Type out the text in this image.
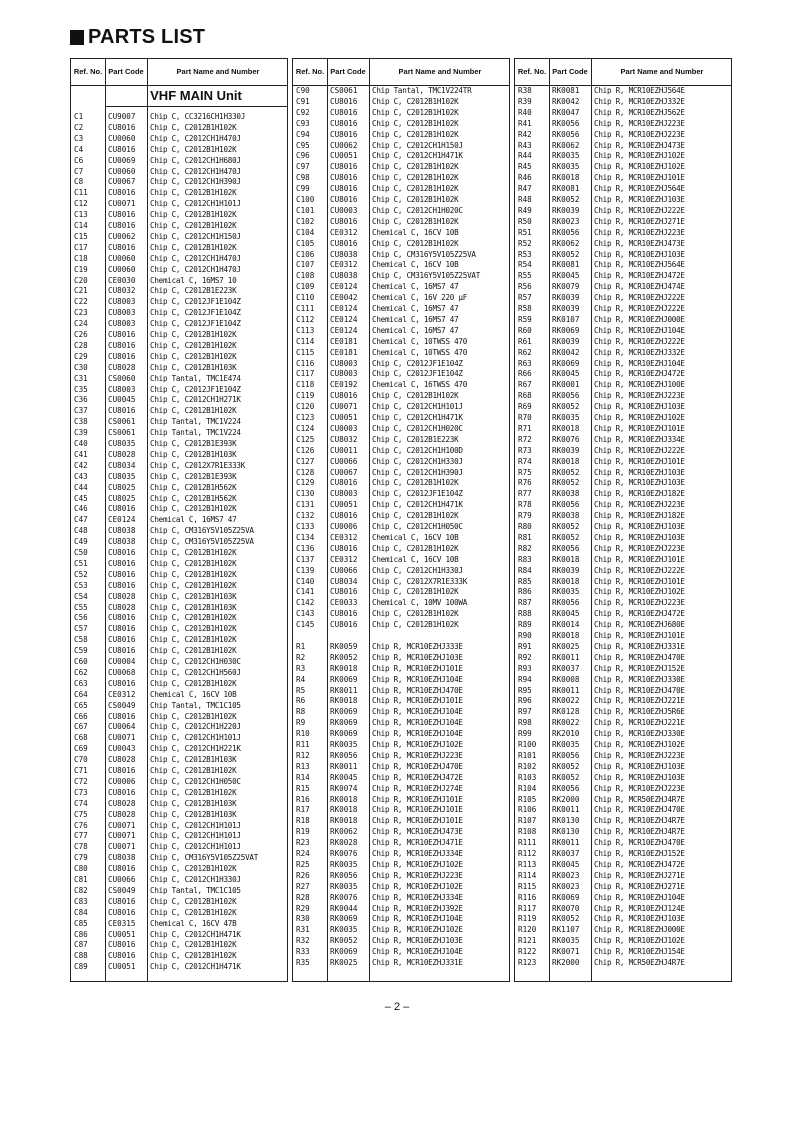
PARTS LIST
Ref. No. Part Code	Part Name and Number
VHF MAIN Unit
C1	CU9007	Chip C, CC3216CH1H330J
C2	CU8016	Chip C, C2012B1H102K
C3	CU0060	Chip C, C2012CH1H470J
C4	CU8016	Chip C, C2012B1H102K
C6	CU0069	Chip C, C2012CH1H680J
C7	CU0060	Chip C, C2012CH1H470J
C8	CU0067	Chip C, C2012CH1H390J
C11	CU8016	Chip C, C2012B1H102K
C12	CU0071	Chip C, C2012CH1H101J
C13	CU8016	Chip C, C2012B1H102K
C14	CU8016	Chip C, C2012B1H102K
C15	CU0062	Chip C, C2012CH1H150J
C17	CU8016	Chip C, C2012B1H102K
C18	CU0060	Chip C, C2012CH1H470J
C19	CU0060	Chip C, C2012CH1H470J
C20	CE0030	Chemical C, 16MS7 10
C21	CU8032	Chip C, C2012B1E223K
C22	CU8003	Chip C, C2012JF1E104Z
C23	CU8003	Chip C, C2012JF1E104Z
C24	CU8003	Chip C, C2012JF1E104Z
C26	CU8016	Chip C, C2012B1H102K
C28	CU8016	Chip C, C2012B1H102K
C29	CU8016	Chip C, C2012B1H102K
C30	CU8028	Chip C, C2012B1H103K
C31	CS0060	Chip Tantal, TMC1E474
C35	CU8003	Chip C, C2012JF1E104Z
C36	CU0045	Chip C, C2012CH1H271K
C37	CU8016	Chip C, C2012B1H102K
C38	CS0061	Chip Tantal, TMC1V224
C39	CS0061	Chip Tantal, TMC1V224
C40	CU8035	Chip C, C2012B1E393K
C41	CU8028	Chip C, C2012B1H103K
C42	CU8034	Chip C, C2012X7R1E333K
C43	CU8035	Chip C, C2012B1E393K
C44	CU8025	Chip C, C2012B1H562K
C45	CU8025	Chip C, C2012B1H562K
C46	CU8016	Chip C, C2012B1H102K
C47	CE0124	Chemical C, 16MS7 47
C48	CU8038	Chip C, CM316Y5V105Z25VA
C49	CU8038	Chip C, CM316Y5V105Z25VA
C50	CU8016	Chip C, C2012B1H102K
C51	CU8016	Chip C, C2012B1H102K
C52	CU8016	Chip C, C2012B1H102K
C53	CU8016	Chip C, C2012B1H102K
C54	CU8028	Chip C, C2012B1H103K
C55	CU8028	Chip C, C2012B1H103K
C56	CU8016	Chip C, C2012B1H102K
C57	CU8016	Chip C, C2012B1H102K
C58	CU8016	Chip C, C2012B1H102K
C59	CU8016	Chip C, C2012B1H102K
C60	CU0004	Chip C, C2012CH1H030C
C62	CU0068	Chip C, C2012CH1H560J
C63	CU8016	Chip C, C2012B1H102K
C64	CE0312	Chemical C, 16CV 10B
C65	CS0049	Chip Tantal, TMC1C105
C66	CU8016	Chip C, C2012B1H102K
C67	CU0064	Chip C, C2012CH1H220J
C68	CU0071	Chip C, C2012CH1H101J
C69	CU0043	Chip C, C2012CH1H221K
C70	CU8028	Chip C, C2012B1H103K
C71	CU8016	Chip C, C2012B1H102K
C72	CU0006	Chip C, C2012CH1H050C
C73	CU8016	Chip C, C2012B1H102K
C74	CU8028	Chip C, C2012B1H103K
C75	CU8028	Chip C, C2012B1H103K
C76	CU0071	Chip C, C2012CH1H101J
C77	CU0071	Chip C, C2012CH1H101J
C78	CU0071	Chip C, C2012CH1H101J
C79	CU8038	Chip C, CM316Y5V105Z25VAT
C80	CU8016	Chip C, C2012B1H102K
C81	CU0066	Chip C, C2012CH1H330J
C82	CS0049	Chip Tantal, TMC1C105
C83	CU8016	Chip C, C2012B1H102K
C84	CU8016	Chip C, C2012B1H102K
C85	CE0315	Chemical C, 16CV 47B
C86	CU0051	Chip C, C2012CH1H471K
C87	CU8016	Chip C, C2012B1H102K
C88	CU8016	Chip C, C2012B1H102K
C89	CU0051	Chip C, C2012CH1H471K
Ref. No. Part Code	Part Name and Number
C90	CS0061	Chip Tantal, TMC1V224TR
C91	CU8016	Chip C, C2012B1H102K
C92	CU8016	Chip C, C2012B1H102K
C93	CU8016	Chip C, C2012B1H102K
C94	CU8016	Chip C, C2012B1H102K
C95	CU0062	Chip C, C2012CH1H150J
C96	CU0051	Chip C, C2012CH1H471K
C97	CU8016	Chip C, C2012B1H102K
C98	CU8016	Chip C, C2012B1H102K
C99	CU8016	Chip C, C2012B1H102K
C100	CU8016	Chip C, C2012B1H102K
C101	CU0003	Chip C, C2012CH1H020C
C102	CU8016	Chip C, C2012B1H102K
C104	CE0312	Chemical C, 16CV 10B
C105	CU8016	Chip C, C2012B1H102K
C106	CU8038	Chip C, CM316Y5V105Z25VA
C107	CE0312	Chemical C, 16CV 10B
C108	CU8038	Chip C, CM316Y5V105Z25VAT
C109	CE0124	Chemical C, 16MS7 47
C110	CE0042	Chemical C, 16V 220 μF
C111	CE0124	Chemical C, 16MS7 47
C112	CE0124	Chemical C, 16MS7 47
C113	CE0124	Chemical C, 16MS7 47
C114	CE0181	Chemical C, 10TWSS 470
C115	CE0181	Chemical C, 10TWSS 470
C116	CU8003	Chip C, C2012JF1E104Z
C117	CU8003	Chip C, C2012JF1E104Z
C118	CE0192	Chemical C, 16TWSS 470
C119	CU8016	Chip C, C2012B1H102K
C120	CU0071	Chip C, C2012CH1H101J
C123	CU0051	Chip C, C2012CH1H471K
C124	CU0003	Chip C, C2012CH1H020C
C125	CU8032	Chip C, C2012B1E223K
C126	CU0011	Chip C, C2012CH1H100D
C127	CU0066	Chip C, C2012CH1H330J
C128	CU0067	Chip C, C2012CH1H390J
C129	CU8016	Chip C, C2012B1H102K
C130	CU8003	Chip C, C2012JF1E104Z
C131	CU0051	Chip C, C2012CH1H471K
C132	CU8016	Chip C, C2012B1H102K
C133	CU0006	Chip C, C2012CH1H050C
C134	CE0312	Chemical C, 16CV 10B
C136	CU8016	Chip C, C2012B1H102K
C137	CE0312	Chemical C, 16CV 10B
C139	CU0066	Chip C, C2012CH1H330J
C140	CU8034	Chip C, C2012X7R1E333K
C141	CU8016	Chip C, C2012B1H102K
C142	CE0033	Chemical C, 10MV 100WA
C143	CU8016	Chip C, C2012B1H102K
C145	CU8016	Chip C, C2012B1H102K
R1	RK0059	Chip R, MCR10EZHJ333E
R2	RK0052	Chip R, MCR10EZHJ103E
R3	RK0018	Chip R, MCR10EZHJ101E
R4	RK0069	Chip R, MCR10EZHJ104E
R5	RK0011	Chip R, MCR10EZHJ470E
R6	RK0018	Chip R, MCR10EZHJ101E
R8	RK0069	Chip R, MCR10EZHJ104E
R9	RK0069	Chip R, MCR10EZHJ104E
R10	RK0069	Chip R, MCR10EZHJ104E
R11	RK0035	Chip R, MCR10EZHJ102E
R12	RK0056	Chip R, MCR10EZHJ223E
R13	RK0011	Chip R, MCR10EZHJ470E
R14	RK0045	Chip R, MCR10EZHJ472E
R15	RK0074	Chip R, MCR10EZHJ274E
R16	RK0018	Chip R, MCR10EZHJ101E
R17	RK0018	Chip R, MCR10EZHJ101E
R18	RK0018	Chip R, MCR10EZHJ101E
R19	RK0062	Chip R, MCR10EZHJ473E
R23	RK0028	Chip R, MCR10EZHJ471E
R24	RK0076	Chip R, MCR10EZHJ334E
R25	RK0035	Chip R, MCR10EZHJ102E
R26	RK0056	Chip R, MCR10EZHJ223E
R27	RK0035	Chip R, MCR10EZHJ102E
R28	RK0076	Chip R, MCR10EZHJ334E
R29	RK0044	Chip R, MCR10EZHJ392E
R30	RK0069	Chip R, MCR10EZHJ104E
R31	RK0035	Chip R, MCR10EZHJ102E
R32	RK0052	Chip R, MCR10EZHJ103E
R33	RK0069	Chip R, MCR10EZHJ104E
R35	RK0025	Chip R, MCR10EZHJ331E
Ref. No. Part Code	Part Name and Number
R38	RK0081	Chip R, MCR10EZHJ564E
R39	RK0042	Chip R, MCR10EZHJ332E
R40	RK0047	Chip R, MCR10EZHJ562E
R41	RK0056	Chip R, MCR10EZHJ223E
R42	RK0056	Chip R, MCR10EZHJ223E
R43	RK0062	Chip R, MCR10EZHJ473E
R44	RK0035	Chip R, MCR10EZHJ102E
R45	RK0035	Chip R, MCR10EZHJ102E
R46	RK0018	Chip R, MCR10EZHJ101E
R47	RK0081	Chip R, MCR10EZHJ564E
R48	RK0052	Chip R, MCR10EZHJ103E
R49	RK0039	Chip R, MCR10EZHJ222E
R50	RK0023	Chip R, MCR10EZHJ271E
R51	RK0056	Chip R, MCR10EZHJ223E
R52	RK0062	Chip R, MCR10EZHJ473E
R53	RK0052	Chip R, MCR10EZHJ103E
R54	RK0081	Chip R, MCR10EZHJ564E
R55	RK0045	Chip R, MCR10EZHJ472E
R56	RK0079	Chip R, MCR10EZHJ474E
R57	RK0039	Chip R, MCR10EZHJ222E
R58	RK0039	Chip R, MCR10EZHJ222E
R59	RK0107	Chip R, MCR10EZHJ000E
R60	RK0069	Chip R, MCR10EZHJ104E
R61	RK0039	Chip R, MCR10EZHJ222E
R62	RK0042	Chip R, MCR10EZHJ332E
R63	RK0069	Chip R, MCR10EZHJ104E
R66	RK0045	Chip R, MCR10EZHJ472E
R67	RK0001	Chip R, MCR10EZHJ100E
R68	RK0056	Chip R, MCR10EZHJ223E
R69	RK0052	Chip R, MCR10EZHJ103E
R70	RK0035	Chip R, MCR10EZHJ102E
R71	RK0018	Chip R, MCR10EZHJ101E
R72	RK0076	Chip R, MCR10EZHJ334E
R73	RK0039	Chip R, MCR10EZHJ222E
R74	RK0018	Chip R, MCR10EZHJ101E
R75	RK0052	Chip R, MCR10EZHJ103E
R76	RK0052	Chip R, MCR10EZHJ103E
R77	RK0038	Chip R, MCR10EZHJ182E
R78	RK0056	Chip R, MCR10EZHJ223E
R79	RK0038	Chip R, MCR10EZHJ182E
R80	RK0052	Chip R, MCR10EZHJ103E
R81	RK0052	Chip R, MCR10EZHJ103E
R82	RK0056	Chip R, MCR10EZHJ223E
R83	RK0018	Chip R, MCR10EZHJ101E
R84	RK0039	Chip R, MCR10EZHJ222E
R85	RK0018	Chip R, MCR10EZHJ101E
R86	RK0035	Chip R, MCR10EZHJ102E
R87	RK0056	Chip R, MCR10EZHJ223E
R88	RK0045	Chip R, MCR10EZHJ472E
R89	RK0014	Chip R, MCR10EZHJ680E
R90	RK0018	Chip R, MCR10EZHJ101E
R91	RK0025	Chip R, MCR10EZHJ331E
R92	RK0011	Chip R, MCR10EZHJ470E
R93	RK0037	Chip R, MCR10EZHJ152E
R94	RK0008	Chip R, MCR10EZHJ330E
R95	RK0011	Chip R, MCR10EZHJ470E
R96	RK0022	Chip R, MCR10EZHJ221E
R97	RK0128	Chip R, MCR10EZHJ5R6E
R98	RK0022	Chip R, MCR10EZHJ221E
R99	RK2010	Chip R, MCR10EZHJ330E
R100	RK0035	Chip R, MCR10EZHJ102E
R101	RK0056	Chip R, MCR10EZHJ223E
R102	RK0052	Chip R, MCR10EZHJ103E
R103	RK0052	Chip R, MCR10EZHJ103E
R104	RK0056	Chip R, MCR10EZHJ223E
R105	RK2000	Chip R, MCR50EZHJ4R7E
R106	RK0011	Chip R, MCR10EZHJ470E
R107	RK0130	Chip R, MCR10EZHJ4R7E
R108	RK0130	Chip R, MCR10EZHJ4R7E
R111	RK0011	Chip R, MCR10EZHJ470E
R112	RK0037	Chip R, MCR10EZHJ152E
R113	RK0045	Chip R, MCR10EZHJ472E
R114	RK0023	Chip R, MCR10EZHJ271E
R115	RK0023	Chip R, MCR10EZHJ271E
R116	RK0069	Chip R, MCR10EZHJ104E
R117	RK0070	Chip R, MCR10EZHJ124E
R119	RK0052	Chip R, MCR10EZHJ103E
R120	RK1107	Chip R, MCR18EZHJ000E
R121	RK0035	Chip R, MCR10EZHJ102E
R122	RK0071	Chip R, MCR10EZHJ154E
R123	RK2000	Chip R, MCR50EZHJ4R7E
– 2 –
